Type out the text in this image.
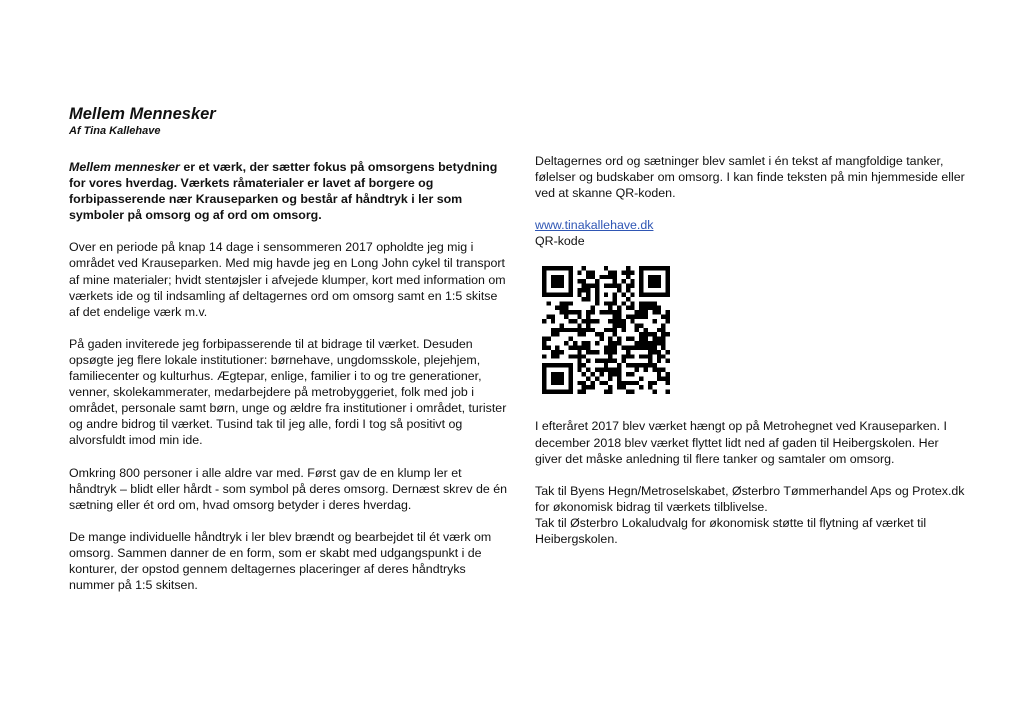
Mellem Mennesker
Af Tina Kallehave

Mellem mennesker er et værk, der sætter fokus på omsorgens betydning for vores hverdag. Værkets råmaterialer er lavet af borgere og forbipasserende nær Krauseparken og består af håndtryk i ler som symboler på omsorg og af ord om omsorg.

Over en periode på knap 14 dage i sensommeren 2017 opholdte jeg mig i området ved Krauseparken. Med mig havde jeg en Long John cykel til transport af mine materialer; hvidt stentøjsler i afvejede klumper, kort med information om værkets ide og til indsamling af deltagernes ord om omsorg samt en 1:5 skitse af det endelige værk m.v.

På gaden inviterede jeg forbipasserende til at bidrage til værket. Desuden opsøgte jeg flere lokale institutioner: børnehave, ungdomsskole, plejehjem, familiecenter og kulturhus. Ægtepar, enlige, familier i to og tre generationer, venner, skolekammerater, medarbejdere på metrobyggeriet, folk med job i området, personale samt børn, unge og ældre fra institutioner i området, turister og andre bidrog til værket. Tusind tak til jeg alle, fordi I tog så positivt og alvorsfuldt imod min ide.

Omkring 800 personer i alle aldre var med. Først gav de en klump ler et håndtryk – blidt eller hårdt - som symbol på deres omsorg. Dernæst skrev de én sætning eller ét ord om, hvad omsorg betyder i deres hverdag.

De mange individuelle håndtryk i ler blev brændt og bearbejdet til ét værk om omsorg. Sammen danner de en form, som er skabt med udgangspunkt i de konturer, der opstod gennem deltagernes placeringer af deres håndtryks nummer på 1:5 skitsen.

Deltagernes ord og sætninger blev samlet i én tekst af mangfoldige tanker, følelser og budskaber om omsorg. I kan finde teksten på min hjemmeside eller ved at skanne QR-koden.

www.tinakallehave.dk
QR-kode

I efteråret 2017 blev værket hængt op på Metrohegnet ved Krauseparken. I december 2018 blev værket flyttet lidt ned af gaden til Heibergskolen. Her giver det måske anledning til flere tanker og samtaler om omsorg.

Tak til Byens Hegn/Metroselskabet, Østerbro Tømmerhandel Aps og Protex.dk for økonomisk bidrag til værkets tilblivelse.
Tak til Østerbro Lokaludvalg for økonomisk støtte til flytning af værket til Heibergskolen.
